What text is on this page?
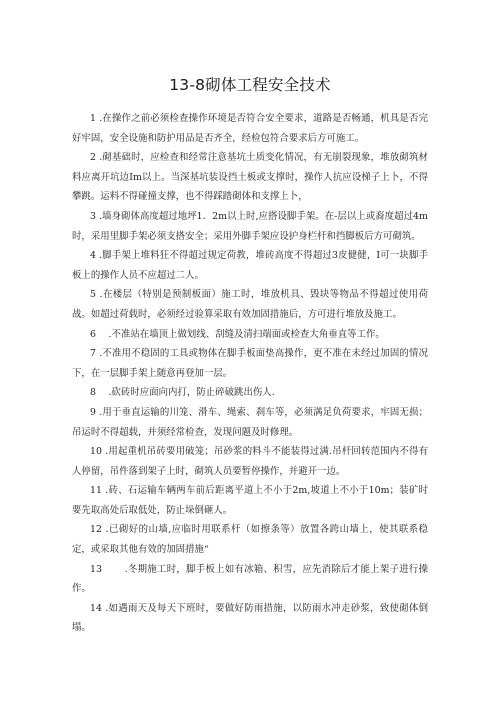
13-8砌体工程安全技术

1 .在操作之前必须检查操作环境是否符合安全要求，道路是否畅通，机具是否完好牢固，安全设施和防护用品是否齐全，经检包符合要求后方可施工。

2 .砌基础时，应检查和经常注意基坑土质变化情况，有无崩裂现象，堆放砌筑材料应离开坑边Im以上。当深基坑装设挡土板或支撑时，操作人抗应设梯子上卜，不得攀跳。运料不得碰撞支撑，也不得踩踏砌体和支撑上卜，

3 .墙身砌体高度超过地坪1．2m以上时,应搭设脚手架。在-层以上或裔度超过4m时，采用里脚手架必须支搭安全；采用外脚手架应设护身栏杆和挡脚板后方可砌筑。

4 .脚手架上堆料狂不得超过规定荷教，堆砖高度不得超过3皮健健，I可一块脚手板上的操作人员不应超过二人。

5 .在楼层（特别是预制板面）施工时，堆放机具、毁块等物品不得超过使用荷战。如超过荷载时，必须经过验算采取有效加固措施后，方可进行堆放及施工。

6 　.不准站在墙顶上做划线、刮缝及清扫端面或检查大角垂直等工作。

7 .不准用不稳固的工具或物体在脚手板面垫高操作，更不准在未经过加固的情况下，在一层脚手架上随意再登加一层。

8 　.砍砖时应面向内打，防止碎破跳出伤人.

9 .用于垂直运输的川笼、滑车、绳索、刹车等，必须满足负荷要求，牢固无损；吊运时不得超载，并须经常检查，发现问题及时修理。

10 .用起重机吊砖要用破笼；吊砂浆的料斗不能装得过满.吊杆回转范围内不得有人停留，吊件落到架子上时，砌筑人员要暂停操作，并避开一边。

11 .砖、石运输车辆两车前后距离平道上不小于2m,坡道上不小于10m；装矿时要先取高处后取低处，防止垛倒砸人。

12 .已砌好的山墙,应临时用联系杆（如擦条等）放置各跨山墙上，使其联系稳定，或采取其他有效的加固措施“

13 　　.冬期施工时，脚手板上如有冰箱、积雪，应先消除后才能上架子进行操作。

14 .如遇雨天及每天下班时，要做好防雨措施，以防雨水冲走砂浆，致使砌体倒塌。
